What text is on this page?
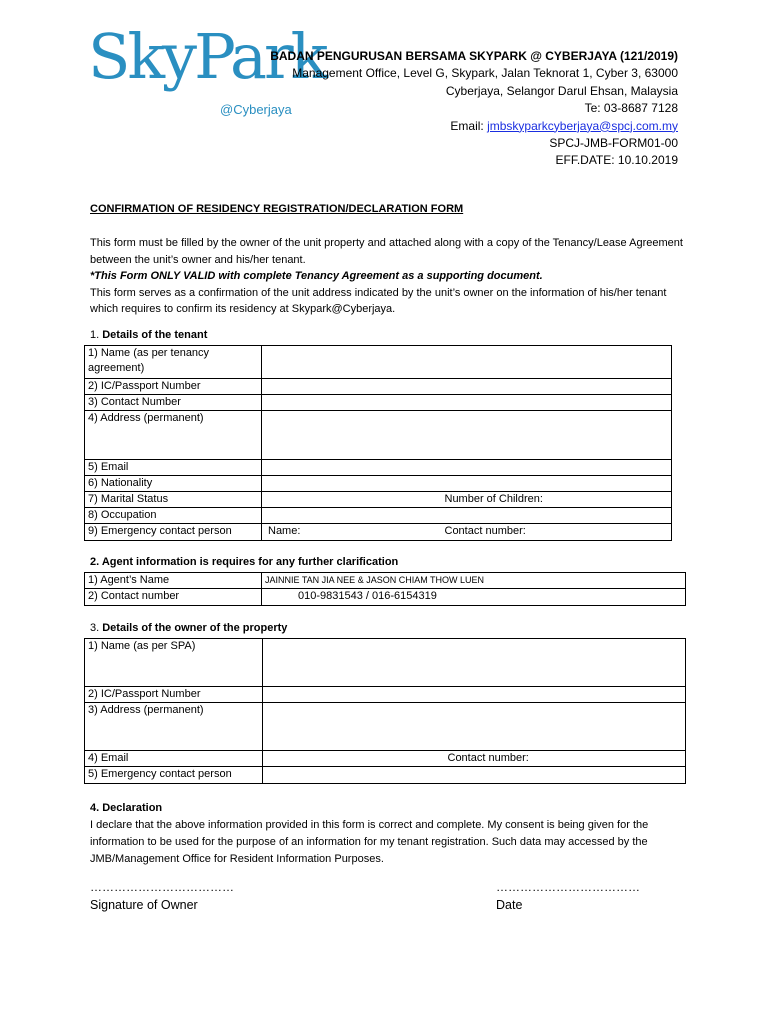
SkyPark
@Cyberjaya
BADAN PENGURUSAN BERSAMA SKYPARK @ CYBERJAYA (121/2019)
Management Office, Level G, Skypark, Jalan Teknorat 1, Cyber 3, 63000
Cyberjaya, Selangor Darul Ehsan, Malaysia
Te: 03-8687 7128
Email: jmbskyparkcyberjaya@spcj.com.my
SPCJ-JMB-FORM01-00
EFF.DATE: 10.10.2019
CONFIRMATION OF RESIDENCY REGISTRATION/DECLARATION FORM
This form must be filled by the owner of the unit property and attached along with a copy of the Tenancy/Lease Agreement between the unit’s owner and his/her tenant.
*This Form ONLY VALID with complete Tenancy Agreement as a supporting document.
This form serves as a confirmation of the unit address indicated by the unit’s owner on the information of his/her tenant which requires to confirm its residency at Skypark@Cyberjaya.
1. Details of the tenant
1) Name (as per tenancy agreement)		
2) IC/Passport Number		
3) Contact Number		
4) Address (permanent)		
5) Email		
6) Nationality		
7) Marital Status		Number of Children:
8) Occupation		
9) Emergency contact person	Name:	Contact number:
2. Agent information is requires for any further clarification
1) Agent’s Name	JAINNIE TAN JIA NEE & JASON CHIAM THOW LUEN
2) Contact number	010-9831543 / 016-6154319
3. Details of the owner of the property
1) Name (as per SPA)		
2) IC/Passport Number		
3) Address (permanent)		
4) Email		Contact number:
5) Emergency contact person		
4. Declaration
I declare that the above information provided in this form is correct and complete. My consent is being given for the information to be used for the purpose of an information for my tenant registration. Such data may accessed by the JMB/Management Office for Resident Information Purposes.
………………………………
Signature of Owner
………………………………
Date
